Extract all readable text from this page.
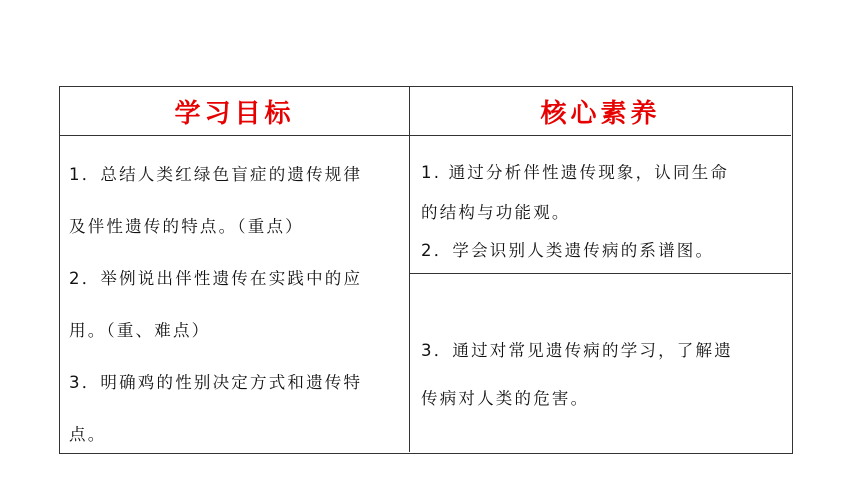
学习目标	核心素养
1．总结人类红绿色盲症的遗传规律
及伴性遗传的特点。（重点）
2．举例说出伴性遗传在实践中的应
用。（重、难点）
3．明确鸡的性别决定方式和遗传特
点。
1. 通过分析伴性遗传现象，认同生命
的结构与功能观。
2．学会识别人类遗传病的系谱图。
3．通过对常见遗传病的学习，了解遗
传病对人类的危害。
